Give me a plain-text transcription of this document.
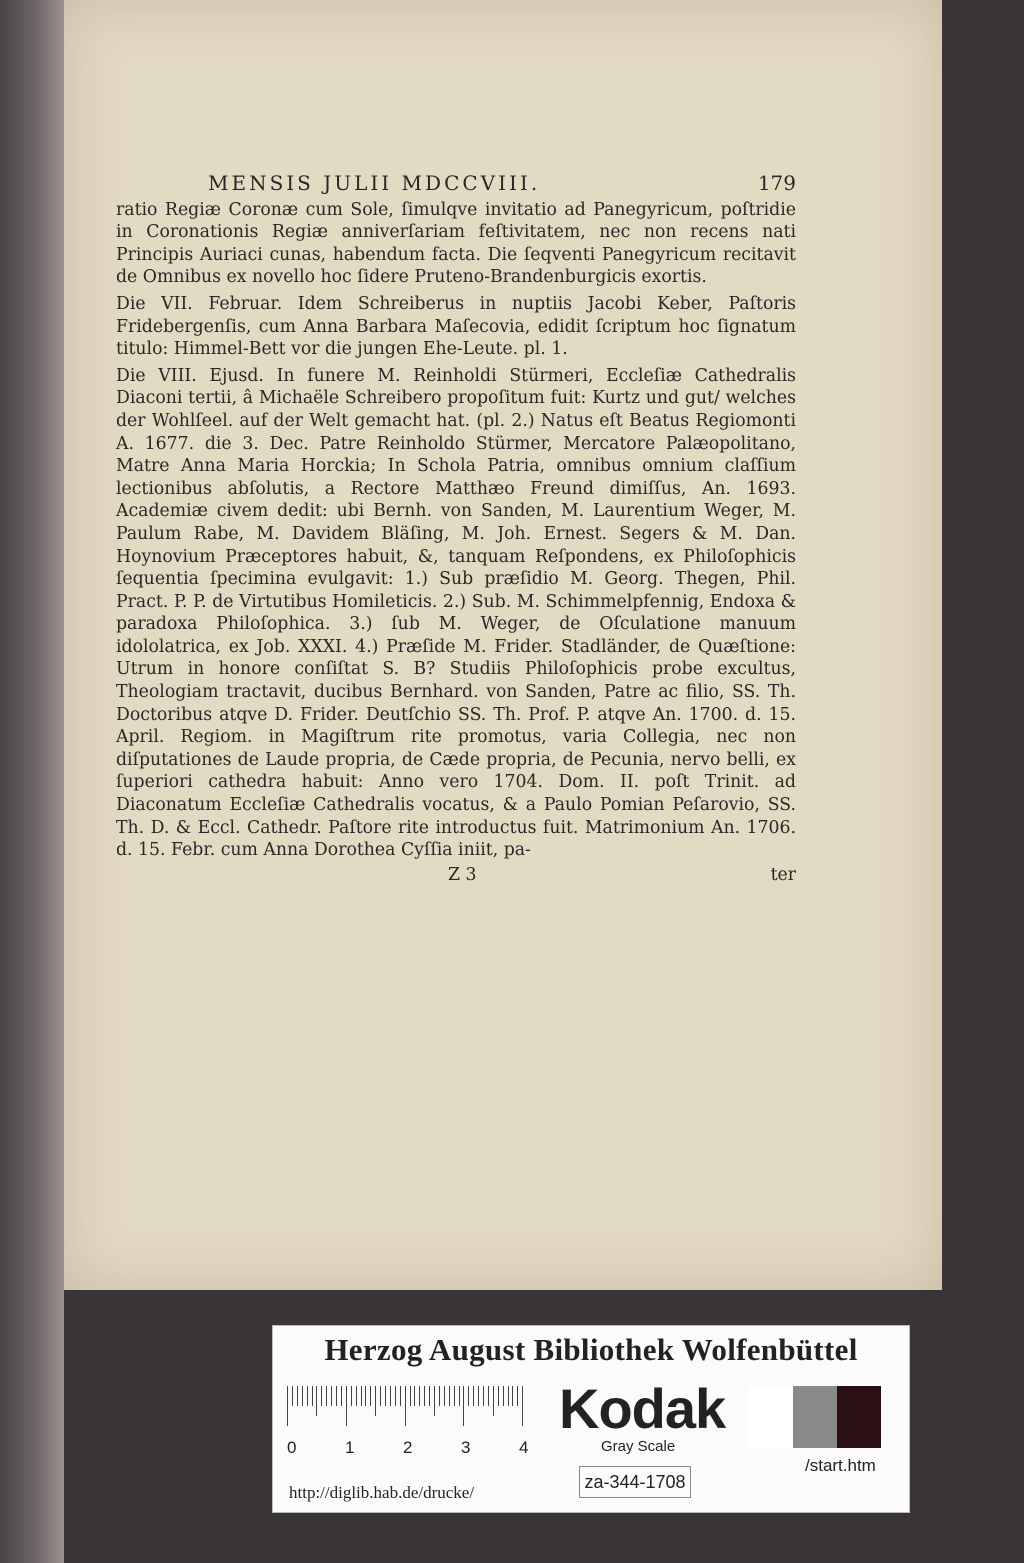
MENSIS JULII MDCCVIII.	179

ratio Regiæ Coronæ cum Sole, ſimulqve invitatio ad Panegyricum, poſtridie in Coronationis Regiæ anniverſariam feſtivitatem, nec non recens nati Principis Auriaci cunas, habendum facta. Die ſeqventi Panegyricum recitavit de Omnibus ex novello hoc ſidere Pruteno-Brandenburgicis exortis.

Die VII. Februar. Idem Schreiberus in nuptiis Jacobi Keber, Paſtoris Fridebergenſis, cum Anna Barbara Maſecovia, edidit ſcriptum hoc ſignatum titulo: Himmel-Bett vor die jungen Ehe-Leute. pl. 1.

Die VIII. Ejusd. In funere M. Reinholdi Stürmeri, Eccleſiæ Cathedralis Diaconi tertii, â Michaële Schreibero propoſitum fuit: Kurtz und gut/ welches der Wohlſeel. auf der Welt gemacht hat. (pl. 2.) Natus eſt Beatus Regiomonti A. 1677. die 3. Dec. Patre Reinholdo Stürmer, Mercatore Palæopolitano, Matre Anna Maria Horckia; In Schola Patria, omnibus omnium claſſium lectionibus abſolutis, a Rectore Matthæo Freund dimiſſus, An. 1693. Academiæ civem dedit: ubi Bernh. von Sanden, M. Laurentium Weger, M. Paulum Rabe, M. Davidem Bläſing, M. Joh. Ernest. Segers & M. Dan. Hoynovium Præceptores habuit, &, tanquam Reſpondens, ex Philoſophicis ſequentia ſpecimina evulgavit: 1.) Sub præſidio M. Georg. Thegen, Phil. Pract. P. P. de Virtutibus Homileticis. 2.) Sub. M. Schimmelpfennig, Endoxa & paradoxa Philoſophica. 3.) ſub M. Weger, de Oſculatione manuum idololatrica, ex Job. XXXI. 4.) Præſide M. Frider. Stadländer, de Quæſtione: Utrum in honore conſiſtat S. B? Studiis Philoſophicis probe excultus, Theologiam tractavit, ducibus Bernhard. von Sanden, Patre ac filio, SS. Th. Doctoribus atqve D. Frider. Deutſchio SS. Th. Prof. P. atqve An. 1700. d. 15. April. Regiom. in Magiſtrum rite promotus, varia Collegia, nec non diſputationes de Laude propria, de Cæde propria, de Pecunia, nervo belli, ex ſuperiori cathedra habuit: Anno vero 1704. Dom. II. poſt Trinit. ad Diaconatum Eccleſiæ Cathedralis vocatus, & a Paulo Pomian Peſarovio, SS. Th. D. & Eccl. Cathedr. Paſtore rite introductus fuit. Matrimonium An. 1706. d. 15. Febr. cum Anna Dorothea Cyſſia iniit, pa-

Z 3	ter
Herzog August Bibliothek Wolfenbüttel
0	1	2	3	4
Kodak
Gray Scale
http://diglib.hab.de/drucke/
za-344-1708
/start.htm
